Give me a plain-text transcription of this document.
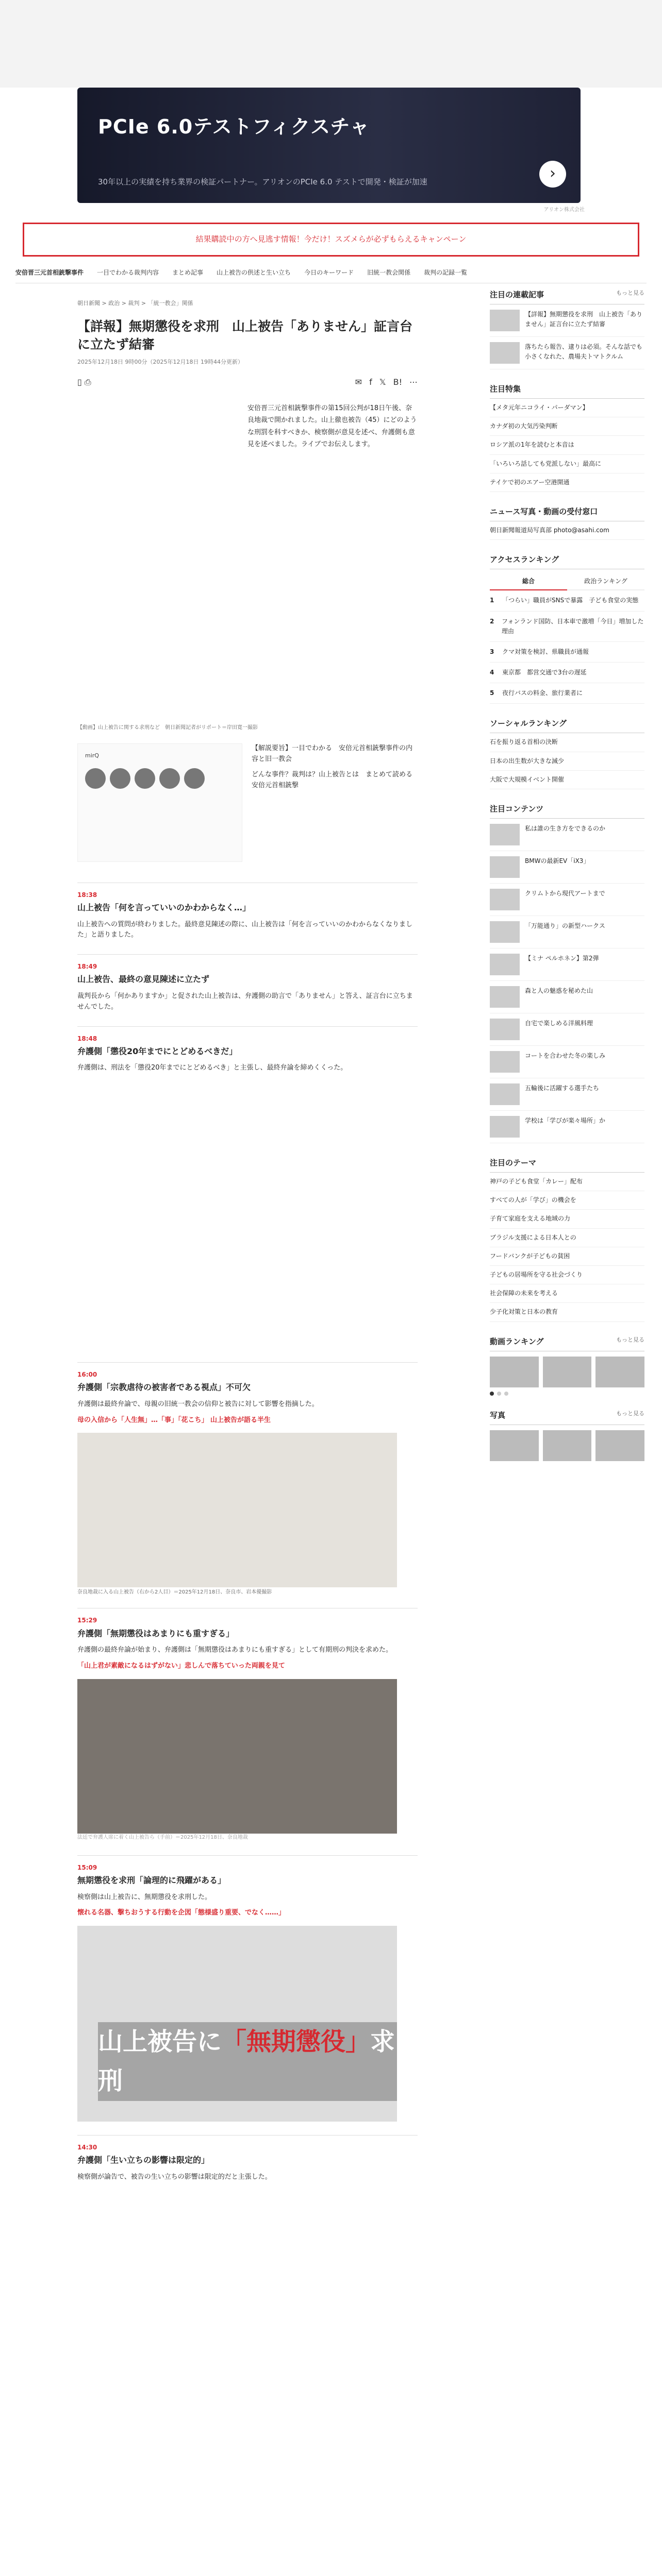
PCIe 6.0テストフィクスチャ
30年以上の実績を持ち業界の検証パートナー。アリオンのPCIe 6.0 テストで開発・検証が加速	›
アリオン株式会社
結果購読中の方へ見逃す情報！今だけ！スズメらが必ずもらえるキャンペーン
安倍晋三元首相銃撃事件 一目でわかる裁判内容 まとめ記事 山上被告の供述と生い立ち 今日のキーワード 旧統一教会関係 裁判の記録一覧
朝日新聞 > 政治 > 裁判 > 「統一教会」関係
【詳報】無期懲役を求刑　山上被告「ありません」証言台に立たず結審
2025年12月18日 9時00分（2025年12月18日 19時44分更新）
▯ ⎙	✉ f 𝕏 B! ⋯
安倍晋三元首相銃撃事件の第15回公判が18日午後、奈良地裁で開かれました。山上徹也被告（45）にどのような刑罰を科すべきか、検察側が意見を述べ、弁護側も意見を述べました。ライブでお伝えします。
【動画】山上被告に関する求刑など　朝日新聞記者がリポート＝岸田寛一撮影
mirQ

【解説要旨】一目でわかる　安倍元首相銃撃事件の内容と旧一教会

どんな事件？裁判は？山上被告とは　まとめて読める安倍元首相銃撃

18:38
山上被告「何を言っていいのかわからなく…」

山上被告への質問が終わりました。最終意見陳述の際に、山上被告は「何を言っていいのかわからなくなりました」と語りました。

18:49
山上被告、最終の意見陳述に立たず

裁判長から「何かありますか」と促された山上被告は、弁護側の助言で「ありません」と答え、証言台に立ちませんでした。

18:48
弁護側「懲役20年までにとどめるべきだ」

弁護側は、刑法を「懲役20年までにとどめるべき」と主張し、最終弁論を締めくくった。

16:00
弁護側「宗教虐待の被害者である視点」不可欠

弁護側は最終弁論で、母親の旧統一教会の信仰と被告に対して影響を指摘した。

母の入信から「人生無」…「事」「花こち」 山上被告が語る半生
奈良地裁に入る山上被告（右から2人目）＝2025年12月18日、奈良市、岩本優撮影
15:29
弁護側「無期懲役はあまりにも重すぎる」

弁護側の最終弁論が始まり、弁護側は「無期懲役はあまりにも重すぎる」として有期刑の判決を求めた。

「山上君が素敵になるはずがない」悲しんで落ちていった両親を見て
法廷で弁護人席に着く山上被告ら（手前）＝2025年12月18日、奈良地裁
15:09
無期懲役を求刑「論理的に飛躍がある」

検察側は山上被告に、無期懲役を求刑した。

懐れる名器、撃ちおうする行動を企図「態様盛り重要、でなく……」
山上被告に「無期懲役」求刑
14:30
弁護側「生い立ちの影響は限定的」

検察側が論告で、被告の生い立ちの影響は限定的だと主張した。

注目の連載記事	もっと見る
【詳報】無期懲役を求刑　山上被告「ありません」証言台に立たず結審
落ちたら報告、逮りは必須。そんな話でも小さくなれた、農場夫トマトクルム
注目特集
【メタ元年ニコライ・パーダマン】
カナダ初の大気汚染判断
ロシア派の1年を読むと本音は
「いろいろ話しても党派しない」最高に
テイケで初のエアー空港開通
ニュース写真・動画の受付窓口
朝日新聞報道局写真部 photo@asahi.com
アクセスランキング
総合	政治ランキング
1	「つらい」職員がSNSで暴露　子ども食堂の実態
2	フォンランド国防、日本車で激増「今日」増加した理由
3	クマ対策を検討、県職員が通報
4	東京都　都営交通で3台の遅延
5	夜行バスの料金、旅行業者に
ソーシャルランキング
石を振り返る首相の決断
日本の出生数が大きな減少
大阪で大規模イベント開催
注目コンテンツ
私は誰の生き方をできるのか
BMWの最新EV「iX3」
クリムトから現代アートまで
「万能通り」の新型ハークス
【ミナ ペルホネン】第2弾
森と人の魅惑を秘めた山
自宅で楽しめる洋風料理
コートを合わせた冬の楽しみ
五輪後に活躍する選手たち
学校は「学びが楽々場所」か
注目のテーマ
神戸の子ども食堂「カレー」配布
すべての人が「学び」の機会を
子育て家庭を支える地域の力
ブラジル支援による日本人との
フードバンクが子どもの貧困
子どもの居場所を守る社会づくり
社会保障の未来を考える
少子化対策と日本の教育
動画ランキング	もっと見る
写真	もっと見る
